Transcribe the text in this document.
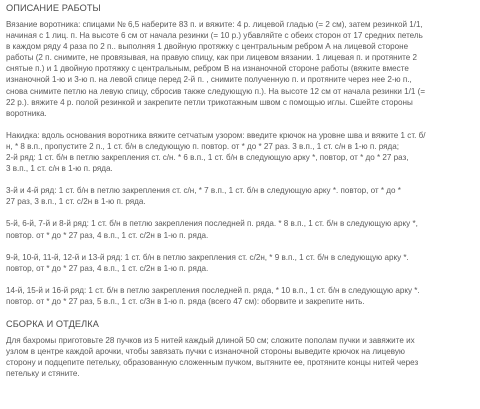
ОПИСАНИЕ РАБОТЫ
Вязание воротника: спицами № 6,5 наберите 83 п. и вяжите: 4 р. лицевой гладью (= 2 см), затем резинкой 1/1,
начиная с 1 лиц. п. На высоте 6 см от начала резинки (= 10 р.) убавляйте с обеих сторон от 17 средних петель
в каждом ряду 4 раза по 2 п.. выполняя 1 двойную протяжку с центральным ребром А на лицевой стороне
работы (2 п. снимите, не провязывая, на правую спицу, как при лицевом вязании. 1 лицевая п. и протяните 2
снятые п.) и 1 двойную протяжку с центральным, ребром В на изнаночной стороне работы (вяжите вместе
изнаночной 1-ю и 3-ю п. на левой спице перед 2-й п. , снимите полученную п. и протяните через нее 2-ю п.,
снова снимите петлю на левую спицу, сбросив также следующую п.). На высоте 12 см от начала резинки 1/1 (=
22 р.). вяжите 4 р. полой резинкой и закрепите петли трикотажным швом с помощью иглы. Сшейте стороны
воротника.
Накидка: вдоль основания воротника вяжите сетчатым узором: введите крючок на уровне шва и вяжите 1 ст. б/
н, * 8 в.п., пропустите 2 п., 1 ст. б/н в следующую п. повтор. от * до * 27 раз. 3 в.п., 1 ст. с/н в 1-ю п. ряда;
2-й ряд: 1 ст. б/н в петлю закрепления ст. с/н. * 6 в.п., 1 ст. б/н в следующую арку *, повтор, от * до * 27 раз,
3 в.п., 1 ст. с/н в 1-ю п. ряда.
3-й и 4-й ряд: 1 ст. б/н в петлю закрепления ст. с/н, * 7 в.п., 1 ст. б/н в следующую арку *. повтор, от * до *
27 раз, 3 в.п., 1 ст. с/2н в 1-ю п. ряда.
5-й, 6-й, 7-й и 8-й ряд: 1 ст. б/н в петлю закрепления последней п. ряда. * 8 в.п., 1 ст. б/н в следующую арку *,
повтор. от * до * 27 раз, 4 в.п., 1 ст. с/2н в 1-ю п. ряда.
9-й, 10-й, 11-й, 12-й и 13-й ряд: 1 ст. б/н в петлю закрепления ст. с/2н, * 9 в.п., 1 ст. б/н в следующую арку *.
повтор, от * до * 27 раз, 4 в.п., 1 ст. с/2н в 1-ю п. ряда.
14-й, 15-й и 16-й ряд: 1 ст. б/н в петлю закрепления последней п. ряда, * 10 в.п., 1 ст. б/н в следующую арку *.
повтор. от * до * 27 раз, 5 в.п., 1 ст. с/3н в 1-ю п. ряда (всего 47 см): оборвите и закрепите нить.
СБОРКА И ОТДЕЛКА
Для бахромы приготовьте 28 пучков из 5 нитей каждый длиной 50 см; сложите пополам пучки и завяжите их
узлом в центре каждой арочки, чтобы завязать пучки с изнаночной стороны выведите крючок на лицевую
сторону и подцепите петельку, образованную сложенным пучком, вытяните ее, протяните концы нитей через
петельку и стяните.
